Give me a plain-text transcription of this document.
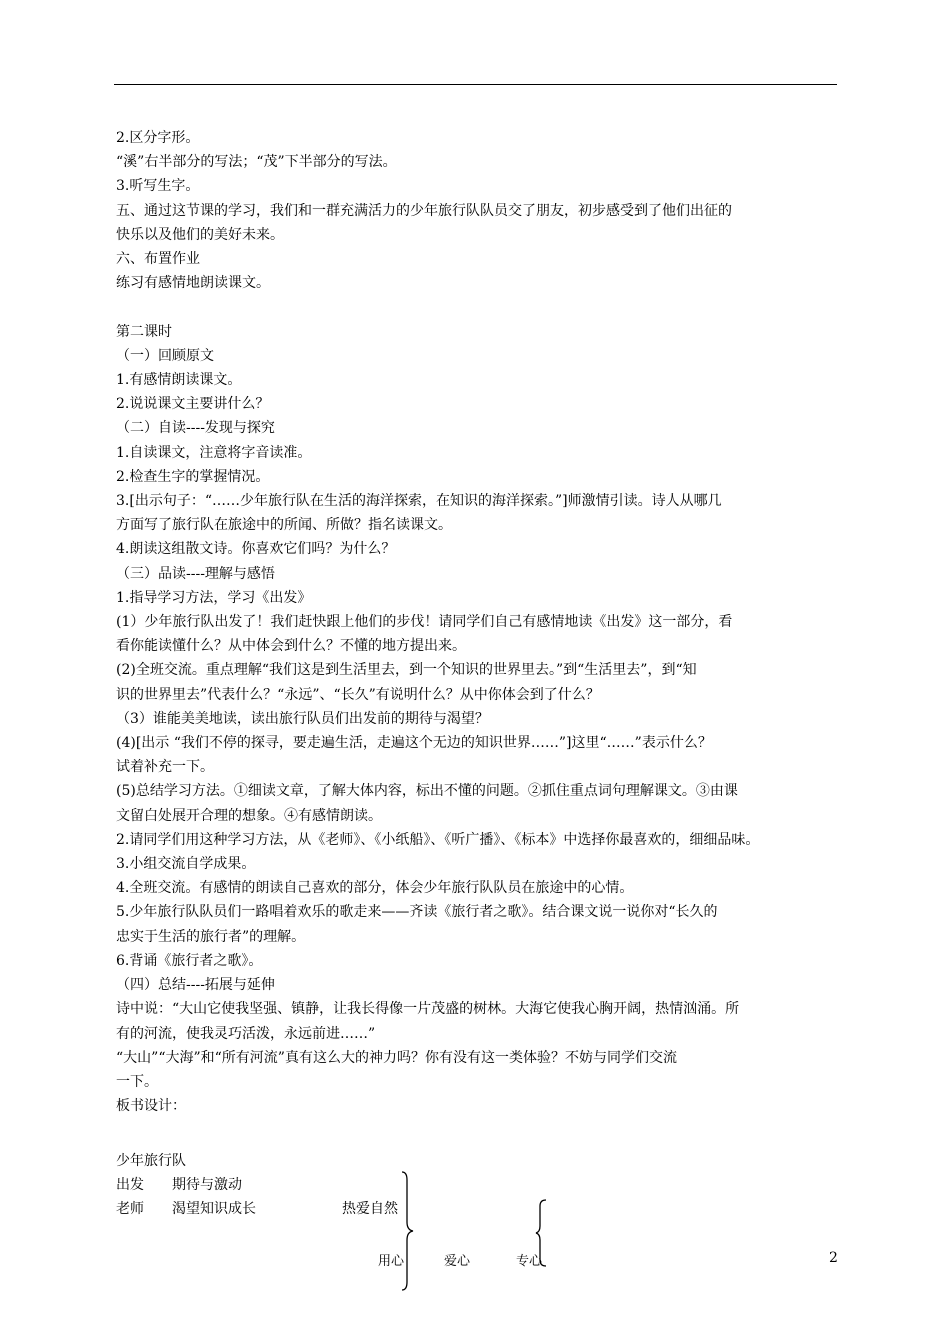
2.区分字形。
“溪”右半部分的写法；“茂”下半部分的写法。
3.听写生字。
五、通过这节课的学习，我们和一群充满活力的少年旅行队队员交了朋友，初步感受到了他们出征的
快乐以及他们的美好未来。
六、布置作业
练习有感情地朗读课文。
第二课时
（一）回顾原文
1.有感情朗读课文。
2.说说课文主要讲什么？
（二）自读----发现与探究
1.自读课文，注意将字音读准。
2.检查生字的掌握情况。
3.[出示句子：“……少年旅行队在生活的海洋探索，在知识的海洋探索。”]师激情引读。诗人从哪几
方面写了旅行队在旅途中的所闻、所做？指名读课文。
4.朗读这组散文诗。你喜欢它们吗？为什么？
（三）品读----理解与感悟
1.指导学习方法，学习《出发》
(1）少年旅行队出发了！我们赶快跟上他们的步伐！请同学们自己有感情地读《出发》这一部分，看
看你能读懂什么？从中体会到什么？不懂的地方提出来。
(2)全班交流。重点理解“我们这是到生活里去，到一个知识的世界里去。”到“生活里去”，到“知
识的世界里去”代表什么？“永远”、“长久”有说明什么？从中你体会到了什么？
（3）谁能美美地读，读出旅行队员们出发前的期待与渴望？
(4)[出示 “我们不停的探寻，要走遍生活，走遍这个无边的知识世界……”]这里“……”表示什么？
试着补充一下。
(5)总结学习方法。①细读文章，了解大体内容，标出不懂的问题。②抓住重点词句理解课文。③由课
文留白处展开合理的想象。④有感情朗读。
2.请同学们用这种学习方法，从《老师》、《小纸船》、《听广播》、《标本》中选择你最喜欢的，细细品味。
3.小组交流自学成果。
4.全班交流。有感情的朗读自己喜欢的部分，体会少年旅行队队员在旅途中的心情。
5.少年旅行队队员们一路唱着欢乐的歌走来——齐读《旅行者之歌》。结合课文说一说你对“长久的
忠实于生活的旅行者”的理解。
6.背诵《旅行者之歌》。
（四）总结----拓展与延伸
诗中说：“大山它使我坚强、镇静，让我长得像一片茂盛的树林。大海它使我心胸开阔，热情汹涌。所
有的河流，使我灵巧活泼，永远前进……”
“大山”“大海”和“所有河流”真有这么大的神力吗？你有没有这一类体验？不妨与同学们交流
一下。
板书设计：
少年旅行队
出发 期待与激动
老师 渴望知识成长	热爱自然
用心	爱心	专心	2
